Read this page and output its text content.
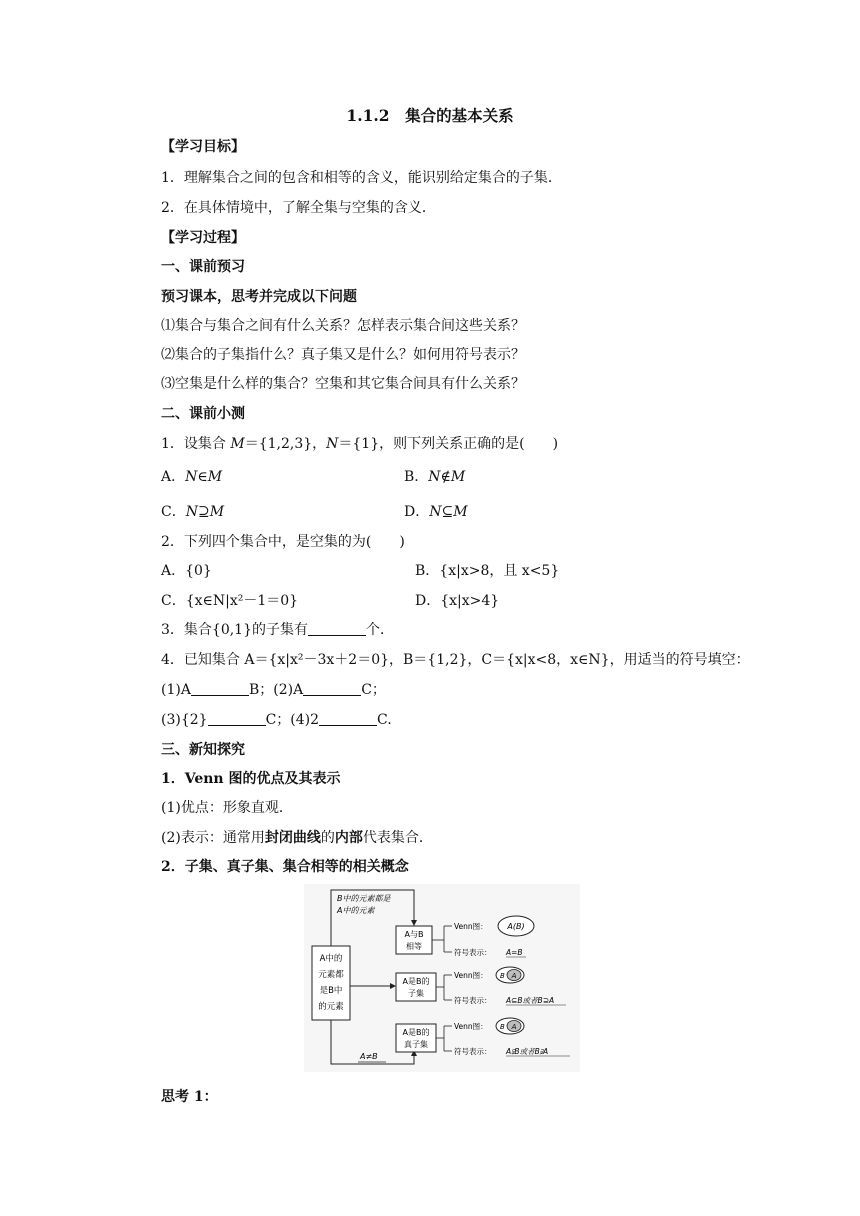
1.1.2　集合的基本关系
【学习目标】
1．理解集合之间的包含和相等的含义，能识别给定集合的子集．
2．在具体情境中，了解全集与空集的含义．
【学习过程】
一、课前预习
预习课本，思考并完成以下问题
⑴集合与集合之间有什么关系？怎样表示集合间这些关系？
⑵集合的子集指什么？真子集又是什么？如何用符号表示？
⑶空集是什么样的集合？空集和其它集合间具有什么关系？
二、课前小测
1．设集合 M＝{1,2,3}，N＝{1}，则下列关系正确的是(　　)
A．N∈M	B．N∉M
C．N⊇M	D．N⊆M
2．下列四个集合中，是空集的为(　　)
A．{0}	B．{x|x>8，且 x<5}
C．{x∈N|x²－1＝0}	D．{x|x>4}
3．集合{0,1}的子集有	个．
4．已知集合 A＝{x|x²－3x＋2＝0}，B＝{1,2}，C＝{x|x<8，x∈N}，用适当的符号填空：
(1)A	B；(2)A	C；
(3){2}	C；(4)2	C.
三、新知探究
1．Venn 图的优点及其表示
(1)优点：形象直观．
(2)表示：通常用封闭曲线的内部代表集合．
2．子集、真子集、集合相等的相关概念
A中的
元素都
是B中
的元素
B中的元素都是
A中的元素
A与B
相等
A是B的
子集
A≠B
A是B的
真子集
Venn图： A(B)
符号表示： A=B
Venn图： B A
符号表示： A⊆B或者B⊇A
Venn图： B A
符号表示： A⫋B或者B⫌A
思考 1：
